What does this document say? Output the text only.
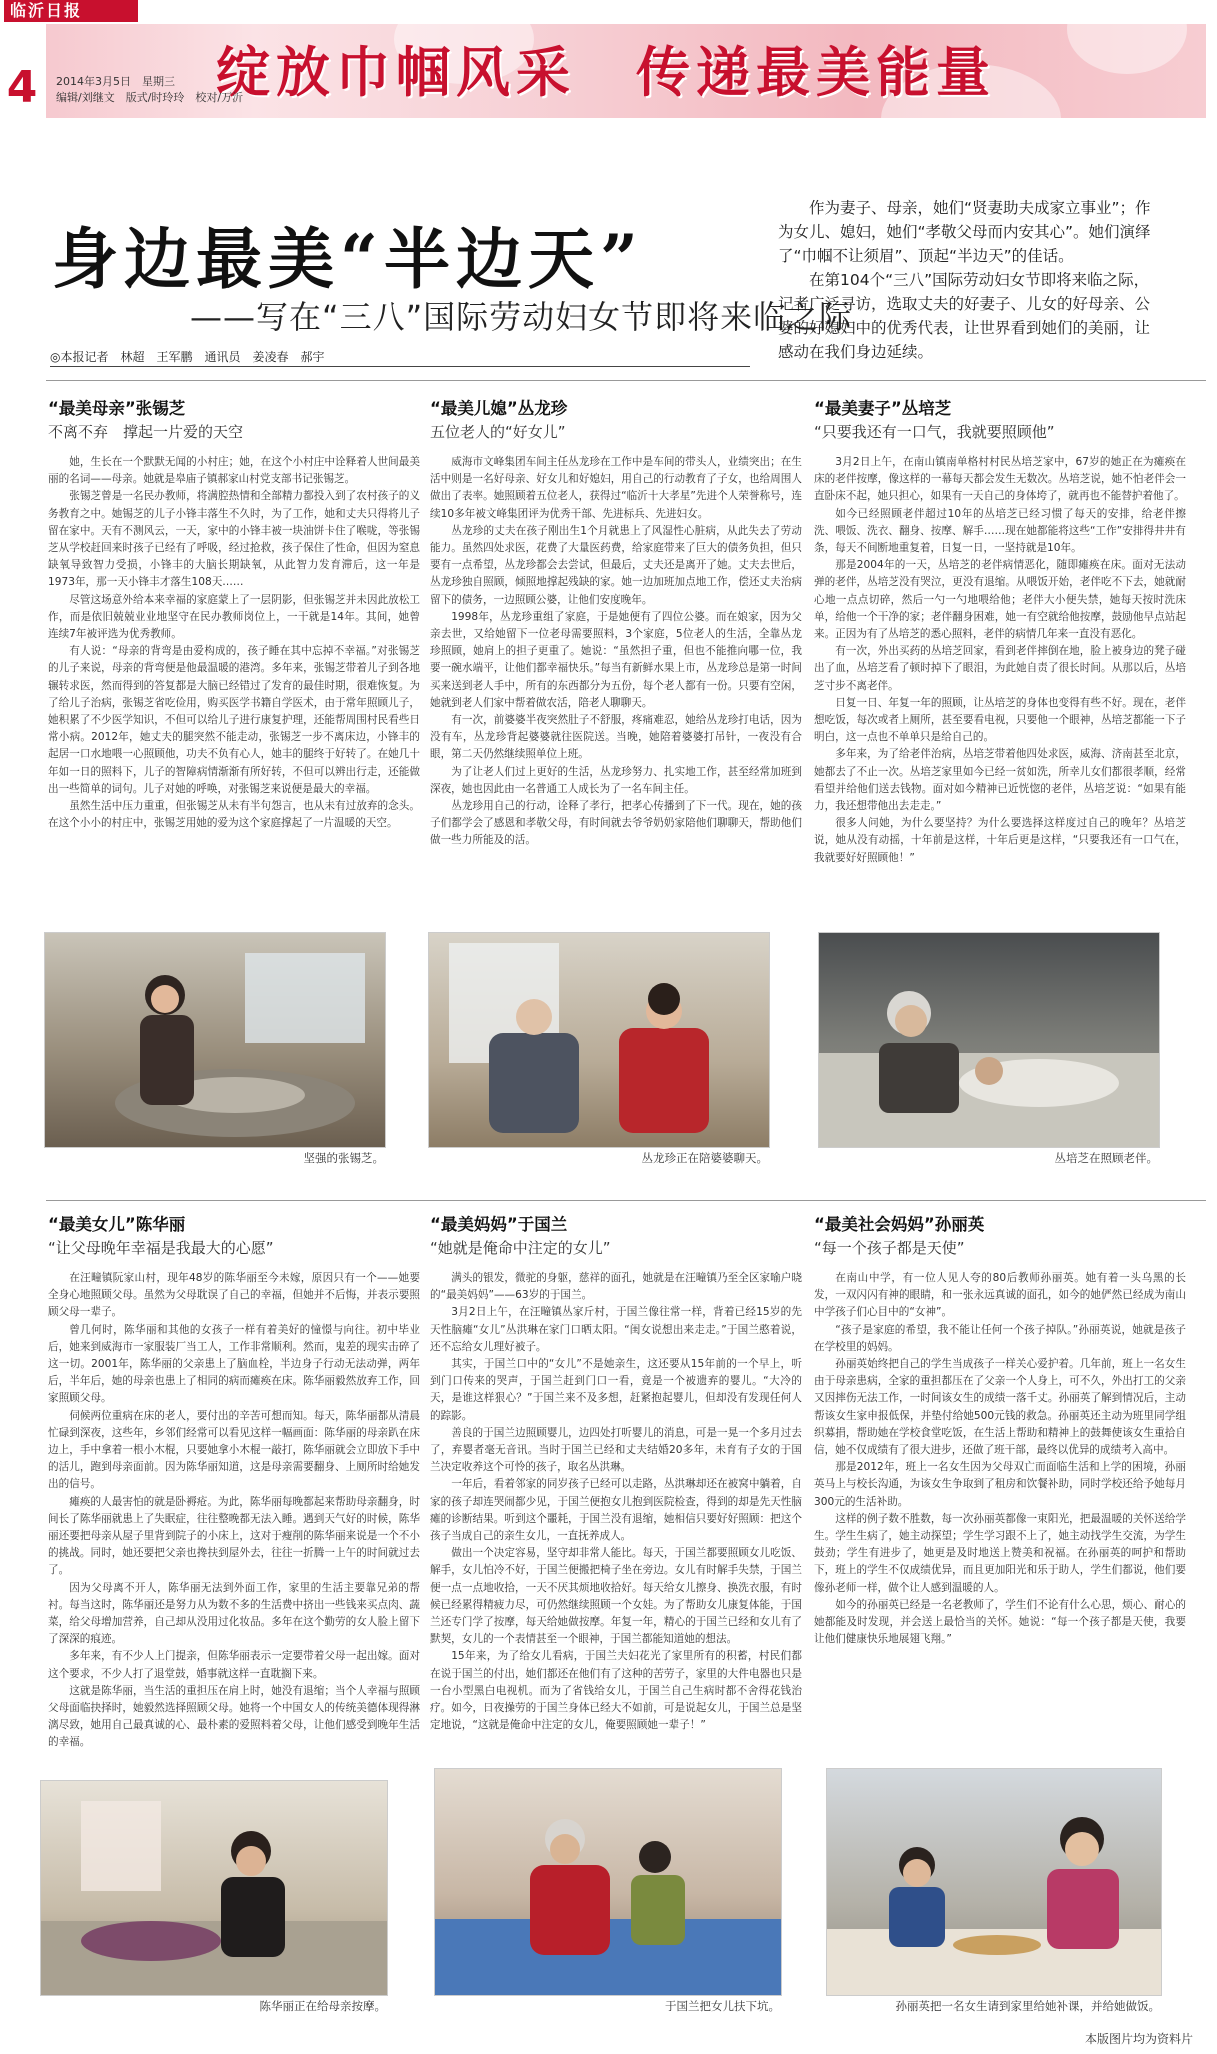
绽放巾帼风采　传递最美能量
临沂日报
4	2014年3月5日　星期三
编辑/刘继文　版式/时玲玲　校对/万沂
身边最美“半边天”
——写在“三八”国际劳动妇女节即将来临之际
◎本报记者　林超　王军鹏　通讯员　姜凌春　郝宇

作为妻子、母亲，她们“贤妻助夫成家立事业”；作为女儿、媳妇，她们“孝敬父母而内安其心”。她们演绎了“巾帼不让须眉”、顶起“半边天”的佳话。

在第104个“三八”国际劳动妇女节即将来临之际，记者广泛寻访，选取丈夫的好妻子、儿女的好母亲、公婆的好媳妇中的优秀代表，让世界看到她们的美丽，让感动在我们身边延续。

“最美母亲”张锡芝
不离不弃　撑起一片爱的天空

她，生长在一个默默无闻的小村庄；她，在这个小村庄中诠释着人世间最美丽的名词——母亲。她就是皋庙子镇郝家山村党支部书记张锡芝。

张锡芝曾是一名民办教师，将满腔热情和全部精力都投入到了农村孩子的义务教育之中。她锡芝的儿子小锋丰落生不久时，为了工作，她和丈夫只得将儿子留在家中。天有不测风云，一天，家中的小锋丰被一块油饼卡住了喉咙，等张锡芝从学校赶回来时孩子已经有了呼吸，经过抢救，孩子保住了性命，但因为窒息缺氧导致智力受损，小锋丰的大脑长期缺氧，从此智力发育滞后，这一年是1973年，那一天小锋丰才落生108天……

尽管这场意外给本来幸福的家庭蒙上了一层阴影，但张锡芝并未因此放松工作，而是依旧兢兢业业地坚守在民办教师岗位上，一干就是14年。其间，她曾连续7年被评选为优秀教师。

有人说：“母亲的背弯是由爱构成的，孩子睡在其中忘掉不幸福。”对张锡芝的儿子来说，母亲的背弯便是他最温暖的港湾。多年来，张锡芝带着儿子到各地辗转求医，然而得到的答复都是大脑已经错过了发育的最佳时期，很难恢复。为了给儿子治病，张锡芝省吃俭用，购买医学书籍自学医术，由于常年照顾儿子，她积累了不少医学知识，不但可以给儿子进行康复护理，还能帮周围村民看些日常小病。2012年，她丈夫的腿突然不能走动，张锡芝一步不离床边，小锋丰的起居一口水地喂一心照顾他，功夫不负有心人，她丰的腿终于好转了。在她几十年如一日的照料下，儿子的智障病情渐渐有所好转，不但可以辨出行走，还能做出一些简单的词句。儿子对她的呼唤，对张锡芝来说便是最大的幸福。

虽然生活中压力重重，但张锡芝从未有半句怨言，也从未有过放弃的念头。在这个小小的村庄中，张锡芝用她的爱为这个家庭撑起了一片温暖的天空。

“最美儿媳”丛龙珍
五位老人的“好女儿”

威海市文峰集团车间主任丛龙珍在工作中是车间的带头人，业绩突出；在生活中则是一名好母亲、好女儿和好媳妇，用自己的行动教育了子女，也给周围人做出了表率。她照顾着五位老人，获得过“临沂十大孝星”先进个人荣誉称号，连续10多年被文峰集团评为优秀干部、先进标兵、先进妇女。

丛龙珍的丈夫在孩子刚出生1个月就患上了风湿性心脏病，从此失去了劳动能力。虽然四处求医，花费了大量医药费，给家庭带来了巨大的债务负担，但只要有一点希望，丛龙珍都会去尝试，但最后，丈夫还是离开了她。丈夫去世后，丛龙珍独自照顾，倾照地撑起残缺的家。她一边加班加点地工作，偿还丈夫治病留下的债务，一边照顾公婆，让他们安度晚年。

1998年，丛龙珍重组了家庭，于是她便有了四位公婆。而在娘家，因为父亲去世，又给她留下一位老母需要照料，3个家庭，5位老人的生活，全靠丛龙珍照顾，她肩上的担子更重了。她说：“虽然担子重，但也不能推向哪一位，我要一碗水端平，让他们都幸福快乐。”每当有新鲜水果上市，丛龙珍总是第一时间买来送到老人手中，所有的东西都分为五份，每个老人都有一份。只要有空闲，她就到老人们家中帮着做农活，陪老人聊聊天。

有一次，前婆婆半夜突然肚子不舒服，疼痛难忍，她给丛龙珍打电话，因为没有车，丛龙珍背起婆婆就往医院送。当晚，她陪着婆婆打吊针，一夜没有合眼，第二天仍然继续照单位上班。

为了让老人们过上更好的生活，丛龙珍努力、扎实地工作，甚至经常加班到深夜，她也因此由一名普通工人成长为了一名车间主任。

丛龙珍用自己的行动，诠释了孝行，把孝心传播到了下一代。现在，她的孩子们都学会了感恩和孝敬父母，有时间就去爷爷奶奶家陪他们聊聊天，帮助他们做一些力所能及的活。

“最美妻子”丛培芝
“只要我还有一口气，我就要照顾他”

3月2日上午，在南山镇南单格村村民丛培芝家中，67岁的她正在为瘫痪在床的老伴按摩，像这样的一幕每天都会发生无数次。丛培芝说，她不怕老伴会一直卧床不起，她只担心，如果有一天自己的身体垮了，就再也不能替护着他了。

如今已经照顾老伴超过10年的丛培芝已经习惯了每天的安排，给老伴擦洗、喂饭、洗衣、翻身、按摩、解手……现在她都能将这些“工作”安排得井井有条，每天不间断地重复着，日复一日，一坚持就是10年。

那是2004年的一天，丛培芝的老伴病情恶化，随即瘫痪在床。面对无法动弹的老伴，丛培芝没有哭泣，更没有退缩。从喂饭开始，老伴吃不下去，她就耐心地一点点切碎，然后一勺一勺地喂给他；老伴大小便失禁，她每天按时洗床单，给他一个干净的家；老伴翻身困难，她一有空就给他按摩，鼓励他早点站起来。正因为有了丛培芝的悉心照料，老伴的病情几年来一直没有恶化。

有一次，外出买药的丛培芝回家，看到老伴摔倒在地，脸上被身边的凳子碰出了血，丛培芝看了顿时掉下了眼泪，为此她自责了很长时间。从那以后，丛培芝寸步不离老伴。

日复一日、年复一年的照顾，让丛培芝的身体也变得有些不好。现在，老伴想吃饭，每次或者上厕所，甚至要看电视，只要他一个眼神，丛培芝都能一下子明白，这一点也不单单只是给自己的。

多年来，为了给老伴治病，丛培芝带着他四处求医，威海、济南甚至北京，她都去了不止一次。丛培芝家里如今已经一贫如洗，所幸儿女们都很孝顺，经常看望并给他们送去钱物。面对如今精神已近恍惚的老伴，丛培芝说：“如果有能力，我还想带他出去走走。”

很多人问她，为什么要坚持？为什么要选择这样度过自己的晚年？丛培芝说，她从没有动摇，十年前是这样，十年后更是这样，“只要我还有一口气在，我就要好好照顾他！”

坚强的张锡芝。	丛龙珍正在陪婆婆聊天。	丛培芝在照顾老伴。
“最美女儿”陈华丽
“让父母晚年幸福是我最大的心愿”

在汪疃镇阮家山村，现年48岁的陈华丽至今未嫁，原因只有一个——她要全身心地照顾父母。虽然为父母耽误了自己的幸福，但她并不后悔，并表示要照顾父母一辈子。

曾几何时，陈华丽和其他的女孩子一样有着美好的憧憬与向往。初中毕业后，她来到威海市一家服装厂当工人，工作非常顺利。然而，鬼差的现实击碎了这一切。2001年，陈华丽的父亲患上了脑血栓，半边身子行动无法动弹，两年后，半年后，她的母亲也患上了相同的病而瘫痪在床。陈华丽毅然放弃工作，回家照顾父母。

伺候两位重病在床的老人，要付出的辛苦可想而知。每天，陈华丽都从清晨忙碌到深夜，这些年，乡邻们经常可以看见这样一幅画面：陈华丽的母亲趴在床边上，手中拿着一根小木棍，只要她拿小木棍一敲打，陈华丽就会立即放下手中的活儿，跑到母亲面前。因为陈华丽知道，这是母亲需要翻身、上厕所时给她发出的信号。

瘫痪的人最害怕的就是卧褥疮。为此，陈华丽每晚都起来帮助母亲翻身，时间长了陈华丽就患上了失眠症，往往整晚都无法入睡。遇到天气好的时候，陈华丽还要把母亲从屋子里背到院子的小床上，这对于瘦削的陈华丽来说是一个不小的挑战。同时，她还要把父亲也搀扶到屋外去，往往一折腾一上午的时间就过去了。

因为父母离不开人，陈华丽无法到外面工作，家里的生活主要靠兄弟的帮衬。每当这时，陈华丽还是努力从为数不多的生活费中挤出一些钱来买点肉、蔬菜，给父母增加营养，自己却从没用过化妆品。多年在这个勤劳的女人脸上留下了深深的痕迹。

多年来，有不少人上门提亲，但陈华丽表示一定要带着父母一起出嫁。面对这个要求，不少人打了退堂鼓，婚事就这样一直耽搁下来。

这就是陈华丽，当生活的重担压在肩上时，她没有退缩；当个人幸福与照顾父母面临抉择时，她毅然选择照顾父母。她将一个中国女人的传统美德体现得淋漓尽致，她用自己最真诚的心、最朴素的爱照料着父母，让他们感受到晚年生活的幸福。

“最美妈妈”于国兰
“她就是俺命中注定的女儿”

满头的银发，微驼的身躯，慈祥的面孔，她就是在汪疃镇乃至全区家喻户晓的“最美妈妈”——63岁的于国兰。

3月2日上午，在汪疃镇丛家斤村，于国兰像往常一样，背着已经15岁的先天性脑瘫“女儿”丛洪琳在家门口晒太阳。“闺女说想出来走走。”于国兰憨着说，还不忘给女儿理好被子。

其实，于国兰口中的“女儿”不是她亲生，这还要从15年前的一个早上，听到门口传来的哭声，于国兰赶到门口一看，竟是一个被遗弃的婴儿。“大冷的天，是谁这样狠心？”于国兰来不及多想，赶紧抱起婴儿，但却没有发现任何人的踪影。

善良的于国兰边照顾婴儿，边四处打听婴儿的消息，可是一晃一个多月过去了，弃婴者毫无音讯。当时于国兰已经和丈夫结婚20多年，未育有子女的于国兰决定收养这个可怜的孩子，取名丛洪琳。

一年后，看着邻家的同岁孩子已经可以走路，丛洪琳却还在被窝中躺着，自家的孩子却连哭闹都少见，于国兰便抱女儿抱到医院检查，得到的却是先天性脑瘫的诊断结果。听到这个噩耗，于国兰没有退缩，她相信只要好好照顾：把这个孩子当成自己的亲生女儿，一直抚养成人。

做出一个决定容易，坚守却非常人能比。每天，于国兰都要照顾女儿吃饭、解手，女儿怕冷不好，于国兰便搬把椅子坐在旁边。女儿有时解手失禁，于国兰便一点一点地收拾，一天不厌其烦地收拾好。每天给女儿擦身、换洗衣服，有时候已经累得精疲力尽，可仍然继续照顾一个女娃。为了帮助女儿康复体能，于国兰还专门学了按摩，每天给她做按摩。年复一年，精心的于国兰已经和女儿有了默契，女儿的一个表情甚至一个眼神，于国兰都能知道她的想法。

15年来，为了给女儿看病，于国兰夫妇花光了家里所有的积蓄，村民们都在说于国兰的付出，她们都还在他们有了这种的苦劳子，家里的大件电器也只是一台小型黑白电视机。而为了省钱给女儿，于国兰自己生病时都不舍得花钱治疗。如今，日夜操劳的于国兰身体已经大不如前，可是说起女儿，于国兰总是坚定地说，“这就是俺命中注定的女儿，俺要照顾她一辈子！”

“最美社会妈妈”孙丽英
“每一个孩子都是天使”

在南山中学，有一位人见人夸的80后教师孙丽英。她有着一头乌黑的长发，一双闪闪有神的眼睛，和一张永远真诚的面孔，如今的她俨然已经成为南山中学孩子们心目中的“女神”。

“孩子是家庭的希望，我不能让任何一个孩子掉队。”孙丽英说，她就是孩子在学校里的妈妈。

孙丽英始终把自己的学生当成孩子一样关心爱护着。几年前，班上一名女生由于母亲患病，全家的重担都压在了父亲一个人身上，可不久，外出打工的父亲又因摔伤无法工作，一时间该女生的成绩一落千丈。孙丽英了解到情况后，主动帮该女生家申报低保，并垫付给她500元钱的救急。孙丽英还主动为班里同学组织募捐，帮助她在学校食堂吃饭，在生活上帮助和精神上的鼓舞使该女生重拾自信，她不仅成绩有了很大进步，还做了班干部，最终以优异的成绩考入高中。

那是2012年，班上一名女生因为父母双亡而面临生活和上学的困境，孙丽英马上与校长沟通，为该女生争取到了租房和饮餐补助，同时学校还给予她每月300元的生活补助。

这样的例子数不胜数，每一次孙丽英都像一束阳光，把最温暖的关怀送给学生。学生生病了，她主动探望；学生学习跟不上了，她主动找学生交流，为学生鼓劲；学生有进步了，她更是及时地送上赞美和祝福。在孙丽英的呵护和帮助下，班上的学生不仅成绩优异，而且更加阳光和乐于助人，学生们都说，他们要像孙老师一样，做个让人感到温暖的人。

如今的孙丽英已经是一名老教师了，学生们不论有什么心思，烦心、耐心的她都能及时发现，并会送上最恰当的关怀。她说：“每一个孩子都是天使，我要让他们健康快乐地展翅飞翔。”

陈华丽正在给母亲按摩。	于国兰把女儿扶下坑。	孙丽英把一名女生请到家里给她补课，并给她做饭。
本版图片均为资料片
